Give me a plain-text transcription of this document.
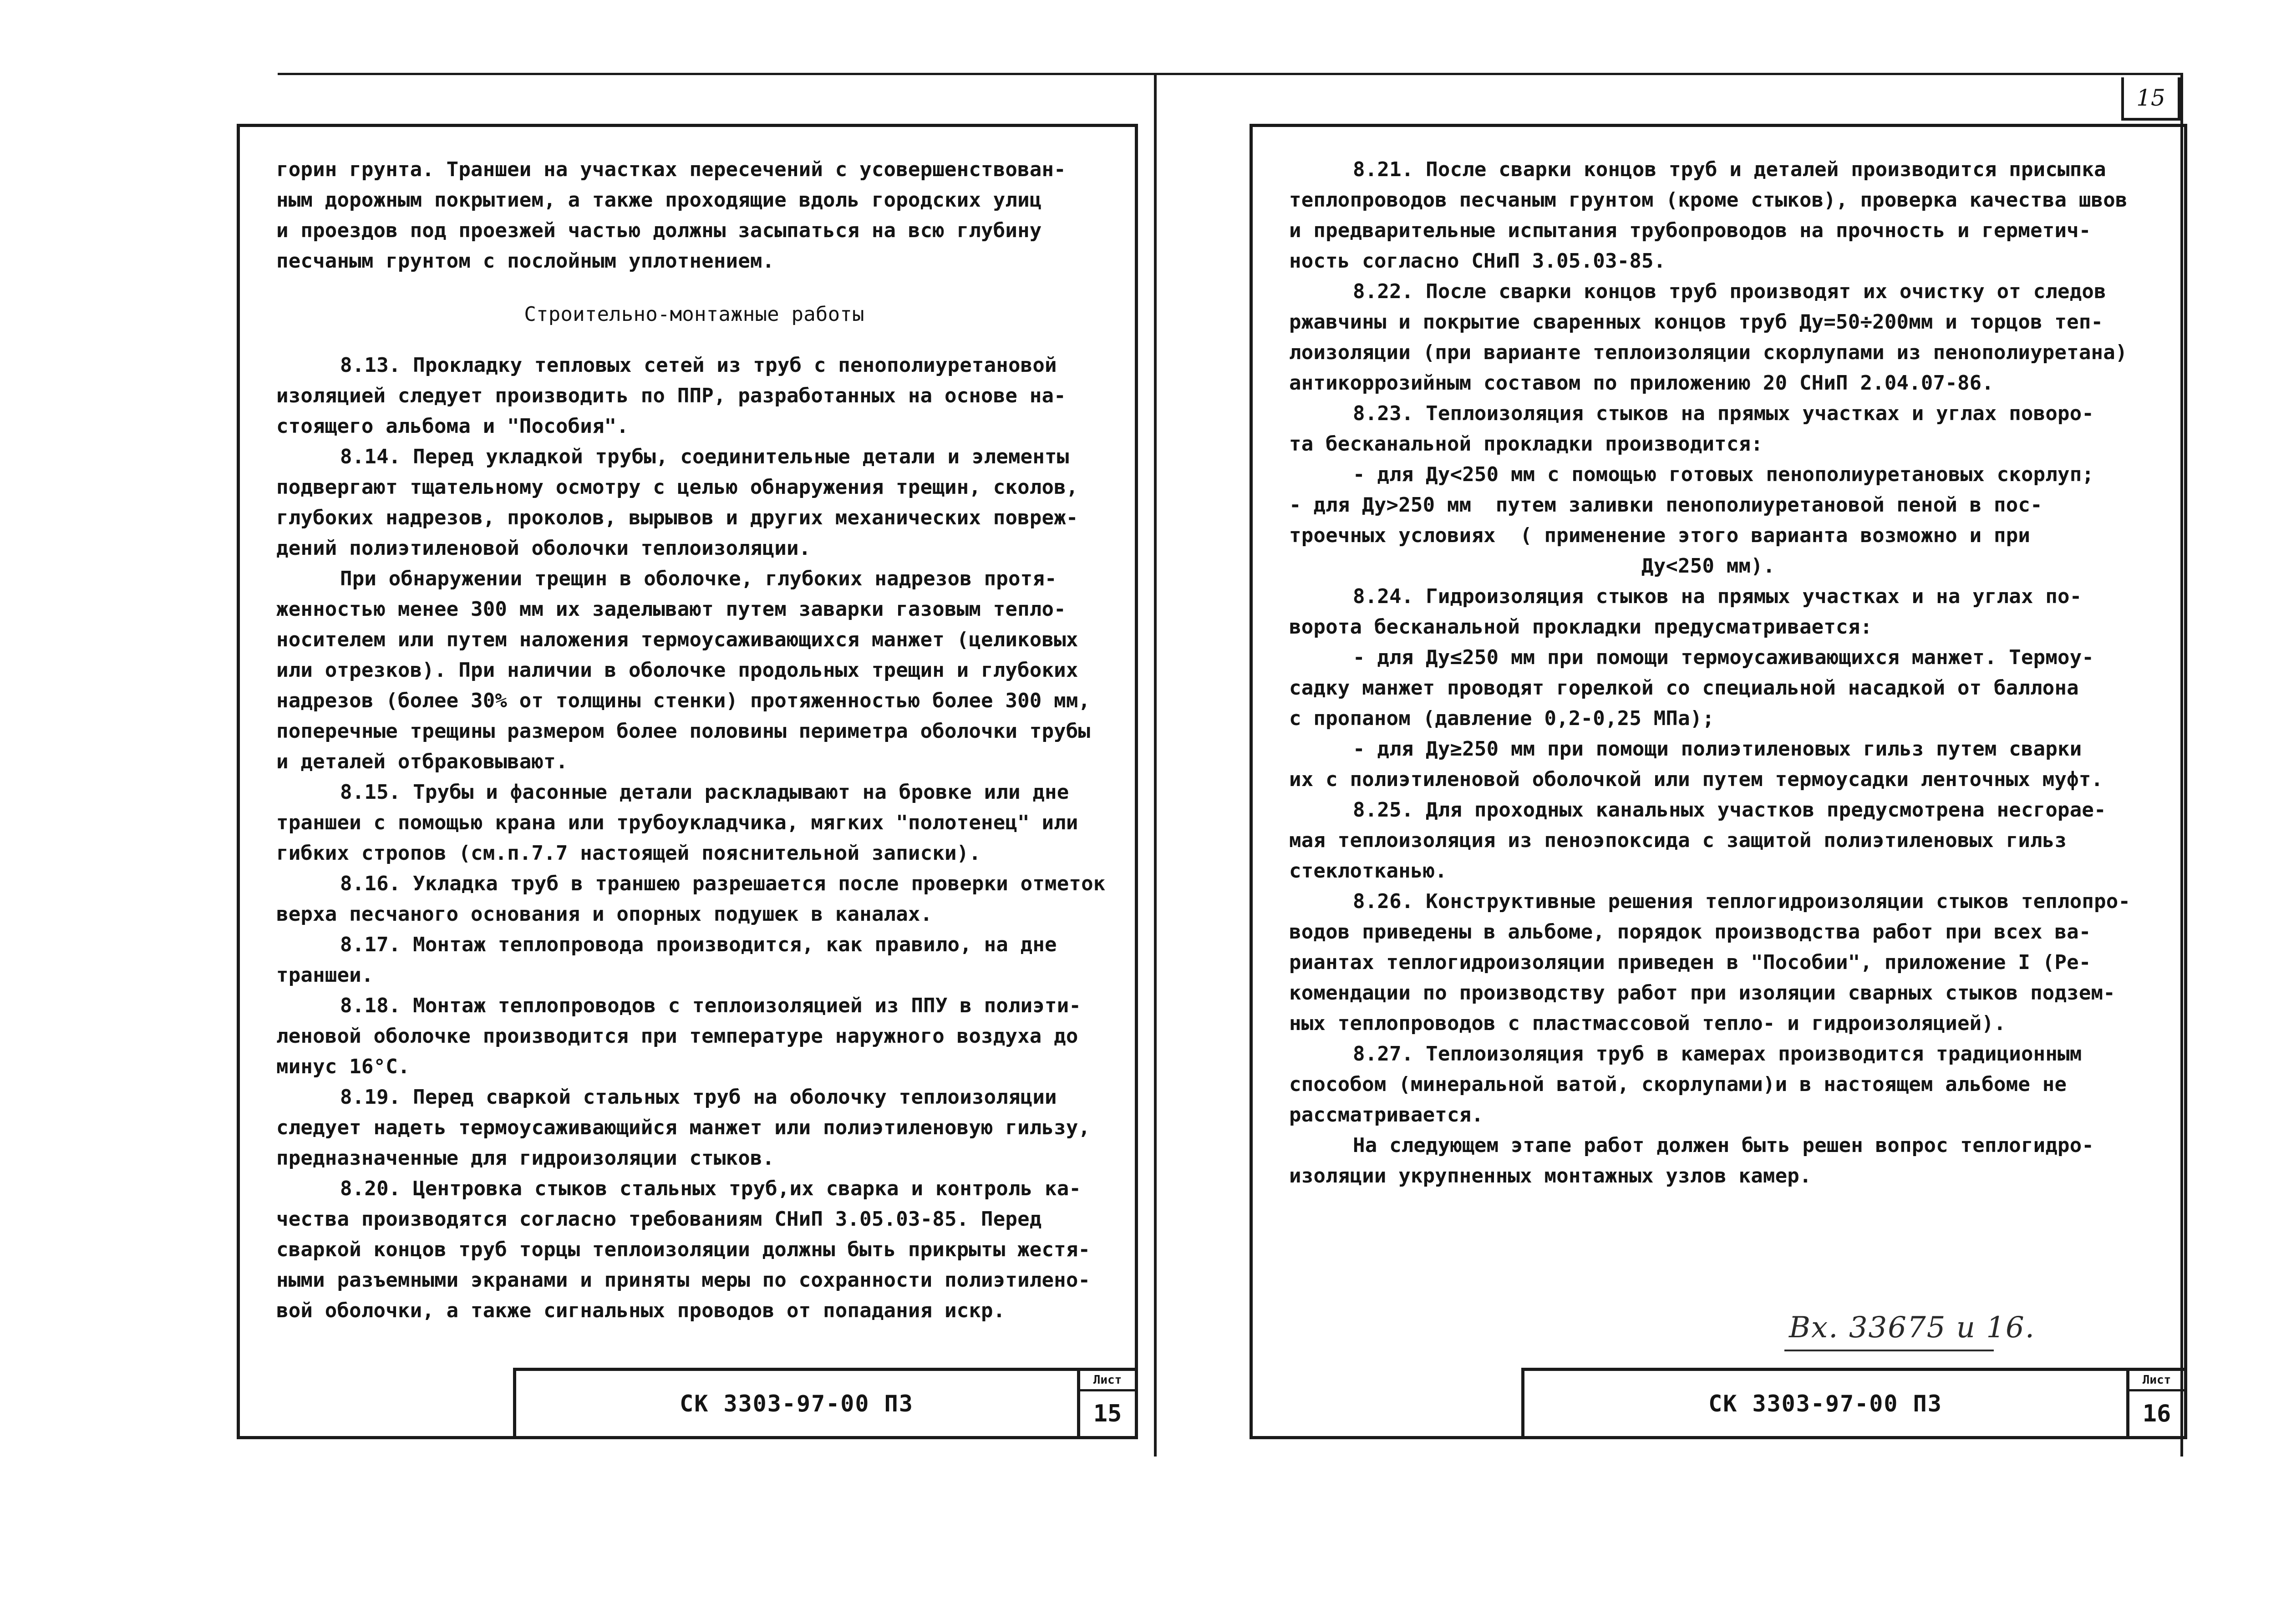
15

горин грунта. Траншеи на участках пересечений с усовершенствован-
ным дорожным покрытием, а также проходящие вдоль городских улиц
и проездов под проезжей частью должны засыпаться на всю глубину
песчаным грунтом с послойным уплотнением.

Строительно-монтажные работы

8.13. Прокладку тепловых сетей из труб с пенополиуретановой
изоляцией следует производить по ППР, разработанных на основе на-
стоящего альбома и "Пособия".

8.14. Перед укладкой трубы, соединительные детали и элементы
подвергают тщательному осмотру с целью обнаружения трещин, сколов,
глубоких надрезов, проколов, вырывов и других механических повреж-
дений полиэтиленовой оболочки теплоизоляции.

При обнаружении трещин в оболочке, глубоких надрезов протя-
женностью менее 300 мм их заделывают путем заварки газовым тепло-
носителем или путем наложения термоусаживающихся манжет (целиковых
или отрезков). При наличии в оболочке продольных трещин и глубоких
надрезов (более 30% от толщины стенки) протяженностью более 300 мм,
поперечные трещины размером более половины периметра оболочки трубы
и деталей отбраковывают.

8.15. Трубы и фасонные детали раскладывают на бровке или дне
траншеи с помощью крана или трубоукладчика, мягких "полотенец" или
гибких стропов (см.п.7.7 настоящей пояснительной записки).

8.16. Укладка труб в траншею разрешается после проверки отметок
верха песчаного основания и опорных подушек в каналах.

8.17. Монтаж теплопровода производится, как правило, на дне
траншеи.

8.18. Монтаж теплопроводов с теплоизоляцией из ППУ в полиэти-
леновой оболочке производится при температуре наружного воздуха до
минус 16°С.

8.19. Перед сваркой стальных труб на оболочку теплоизоляции
следует надеть термоусаживающийся манжет или полиэтиленовую гильзу,
предназначенные для гидроизоляции стыков.

8.20. Центровка стыков стальных труб,их сварка и контроль ка-
чества производятся согласно требованиям СНиП 3.05.03-85. Перед
сваркой концов труб торцы теплоизоляции должны быть прикрыты жестя-
ными разъемными экранами и приняты меры по сохранности полиэтилено-
вой оболочки, а также сигнальных проводов от попадания искр.

СК 3303-97-00 ПЗ
Лист
15

8.21. После сварки концов труб и деталей производится присыпка
теплопроводов песчаным грунтом (кроме стыков), проверка качества швов
и предварительные испытания трубопроводов на прочность и герметич-
ность согласно СНиП 3.05.03-85.

8.22. После сварки концов труб производят их очистку от следов
ржавчины и покрытие сваренных концов труб Ду=50÷200мм и торцов теп-
лоизоляции (при варианте теплоизоляции скорлупами из пенополиуретана)
антикоррозийным составом по приложению 20 СНиП 2.04.07-86.

8.23. Теплоизоляция стыков на прямых участках и углах поворо-
та бесканальной прокладки производится:

- для Ду<250 мм с помощью готовых пенополиуретановых скорлуп;
- для Ду>250 мм  путем заливки пенополиуретановой пеной в пос-
троечных условиях  ( применение этого варианта возможно и при
Ду<250 мм).

8.24. Гидроизоляция стыков на прямых участках и на углах по-
ворота бесканальной прокладки предусматривается:

- для Ду≤250 мм при помощи термоусаживающихся манжет. Термоу-
садку манжет проводят горелкой со специальной насадкой от баллона
с пропаном (давление 0,2-0,25 МПа);

- для Ду≥250 мм при помощи полиэтиленовых гильз путем сварки
их с полиэтиленовой оболочкой или путем термоусадки ленточных муфт.

8.25. Для проходных канальных участков предусмотрена несгорае-
мая теплоизоляция из пеноэпоксида с защитой полиэтиленовых гильз
стеклотканью.

8.26. Конструктивные решения теплогидроизоляции стыков теплопро-
водов приведены в альбоме, порядок производства работ при всех ва-
риантах теплогидроизоляции приведен в "Пособии", приложение I (Ре-
комендации по производству работ при изоляции сварных стыков подзем-
ных теплопроводов с пластмассовой тепло- и гидроизоляцией).

8.27. Теплоизоляция труб в камерах производится традиционным
способом (минеральной ватой, скорлупами)и в настоящем альбоме не
рассматривается.

На следующем этапе работ должен быть решен вопрос теплогидро-
изоляции укрупненных монтажных узлов камер.

СК 3303-97-00 ПЗ
Лист
16
Вх. 33675 и 16.
